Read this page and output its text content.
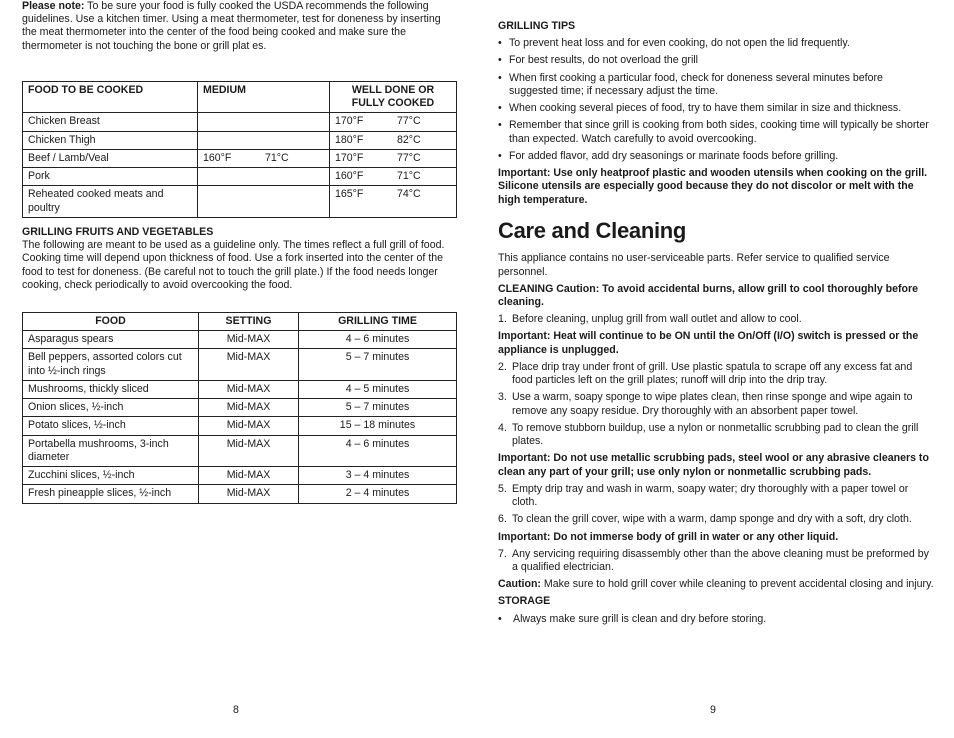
Please note: To be sure your food is fully cooked the USDA recommends the following guidelines. Use a kitchen timer. Using a meat thermometer, test for doneness by inserting the meat thermometer into the center of the food being cooked and make sure the thermometer is not touching the bone or grill plat es.

FOOD TO BE COOKED	MEDIUM	WELL DONE OR FULLY COOKED
Chicken Breast		170°F 77°C
Chicken Thigh		180°F 82°C
Beef / Lamb/Veal	160°F 71°C	170°F 77°C
Pork		160°F 71°C
Reheated cooked meats and poultry		165°F 74°C
GRILLING FRUITS AND VEGETABLES

The following are meant to be used as a guideline only. The times reflect a full grill of food. Cooking time will depend upon thickness of food. Use a fork inserted into the center of the food to test for doneness. (Be careful not to touch the grill plate.) If the food needs longer cooking, check periodically to avoid overcooking the food.

FOOD	SETTING	GRILLING TIME
Asparagus spears	Mid-MAX	4 – 6 minutes
Bell peppers, assorted colors cut into ½-inch rings	Mid-MAX	5 – 7 minutes
Mushrooms, thickly sliced	Mid-MAX	4 – 5 minutes
Onion slices, ½-inch	Mid-MAX	5 – 7 minutes
Potato slices, ½-inch	Mid-MAX	15 – 18 minutes
Portabella mushrooms, 3-inch diameter	Mid-MAX	4 – 6 minutes
Zucchini slices, ½-inch	Mid-MAX	3 – 4 minutes
Fresh pineapple slices, ½-inch	Mid-MAX	2 – 4 minutes
8
GRILLING TIPS
• To prevent heat loss and for even cooking, do not open the lid frequently.
• For best results, do not overload the grill
• When first cooking a particular food, check for doneness several minutes before suggested time; if necessary adjust the time.
• When cooking several pieces of food, try to have them similar in size and thickness.
• Remember that since grill is cooking from both sides, cooking time will typically be shorter than expected. Watch carefully to avoid overcooking.
• For added flavor, add dry seasonings or marinate foods before grilling.
Important: Use only heatproof plastic and wooden utensils when cooking on the grill. Silicone utensils are especially good because they do not discolor or melt with the high temperature.
Care and Cleaning

This appliance contains no user-serviceable parts. Refer service to qualified service personnel.

CLEANING Caution: To avoid accidental burns, allow grill to cool thoroughly before cleaning.

1. Before cleaning, unplug grill from wall outlet and allow to cool.

Important: Heat will continue to be ON until the On/Off (I/O) switch is pressed or the appliance is unplugged.

2. Place drip tray under front of grill. Use plastic spatula to scrape off any excess fat and food particles left on the grill plates; runoff will drip into the drip tray.
3. Use a warm, soapy sponge to wipe plates clean, then rinse sponge and wipe again to remove any soapy residue. Dry thoroughly with an absorbent paper towel.
4. To remove stubborn buildup, use a nylon or nonmetallic scrubbing pad to clean the grill plates.

Important: Do not use metallic scrubbing pads, steel wool or any abrasive cleaners to clean any part of your grill; use only nylon or nonmetallic scrubbing pads.

5. Empty drip tray and wash in warm, soapy water; dry thoroughly with a paper towel or cloth.
6. To clean the grill cover, wipe with a warm, damp sponge and dry with a soft, dry cloth.

Important: Do not immerse body of grill in water or any other liquid.

7. Any servicing requiring disassembly other than the above cleaning must be preformed by a qualified electrician.

Caution: Make sure to hold grill cover while cleaning to prevent accidental closing and injury.

STORAGE
• Always make sure grill is clean and dry before storing.
9
